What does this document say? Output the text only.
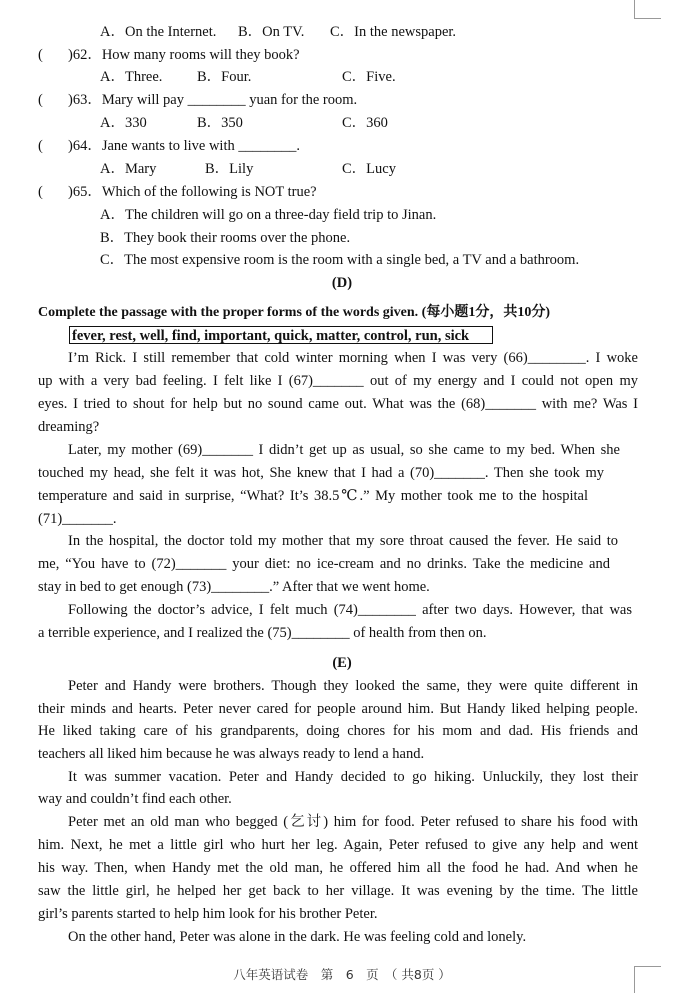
A．On the Internet. B．On TV. C．In the newspaper.
( )62．How many rooms will they book?
A．Three. B．Four.	C．Five.
( )63．Mary will pay ________ yuan for the room.
A．330	B．350	C．360
( )64．Jane wants to live with ________.
A．Mary	B．Lily	C．Lucy
( )65．Which of the following is NOT true?
A．The children will go on a three-day field trip to Jinan.
B．They book their rooms over the phone.
C．The most expensive room is the room with a single bed, a TV and a bathroom.
(D)
Complete the passage with the proper forms of the words given. (每小题1分，共10分)
fever, rest, well, find, important, quick, matter, control, run, sick
I’m Rick. I still remember that cold winter morning when I was very (66)________. I woke
up with a very bad feeling. I felt like I (67)_______ out of my energy and I could not open my
eyes. I tried to shout for help but no sound came out. What was the (68)_______ with me? Was I
dreaming?
Later, my mother (69)_______ I didn’t get up as usual, so she came to my bed. When she
touched my head, she felt it was hot, She knew that I had a (70)_______. Then she took my
temperature and said in surprise, “What? It’s 38.5℃.” My mother took me to the hospital
(71)_______.
In the hospital, the doctor told my mother that my sore throat caused the fever. He said to
me, “You have to (72)_______ your diet: no ice-cream and no drinks. Take the medicine and
stay in bed to get enough (73)________.” After that we went home.
Following the doctor’s advice, I felt much (74)________ after two days. However, that was
a terrible experience, and I realized the (75)________ of health from then on.
(E)
Peter and Handy were brothers. Though they looked the same, they were quite different in
their minds and hearts. Peter never cared for people around him. But Handy liked helping people.
He liked taking care of his grandparents, doing chores for his mom and dad. His friends and
teachers all liked him because he was always ready to lend a hand.
It was summer vacation. Peter and Handy decided to go hiking. Unluckily, they lost their
way and couldn’t find each other.
Peter met an old man who begged (乞讨) him for food. Peter refused to share his food with
him. Next, he met a little girl who hurt her leg. Again, Peter refused to give any help and went
his way. Then, when Handy met the old man, he offered him all the food he had. And when he
saw the little girl, he helped her get back to her village. It was evening by the time. The little
girl’s parents started to help him look for his brother Peter.
On the other hand, Peter was alone in the dark. He was feeling cold and lonely.
八年英语试卷　第　6　页　（ 共8页 ）
